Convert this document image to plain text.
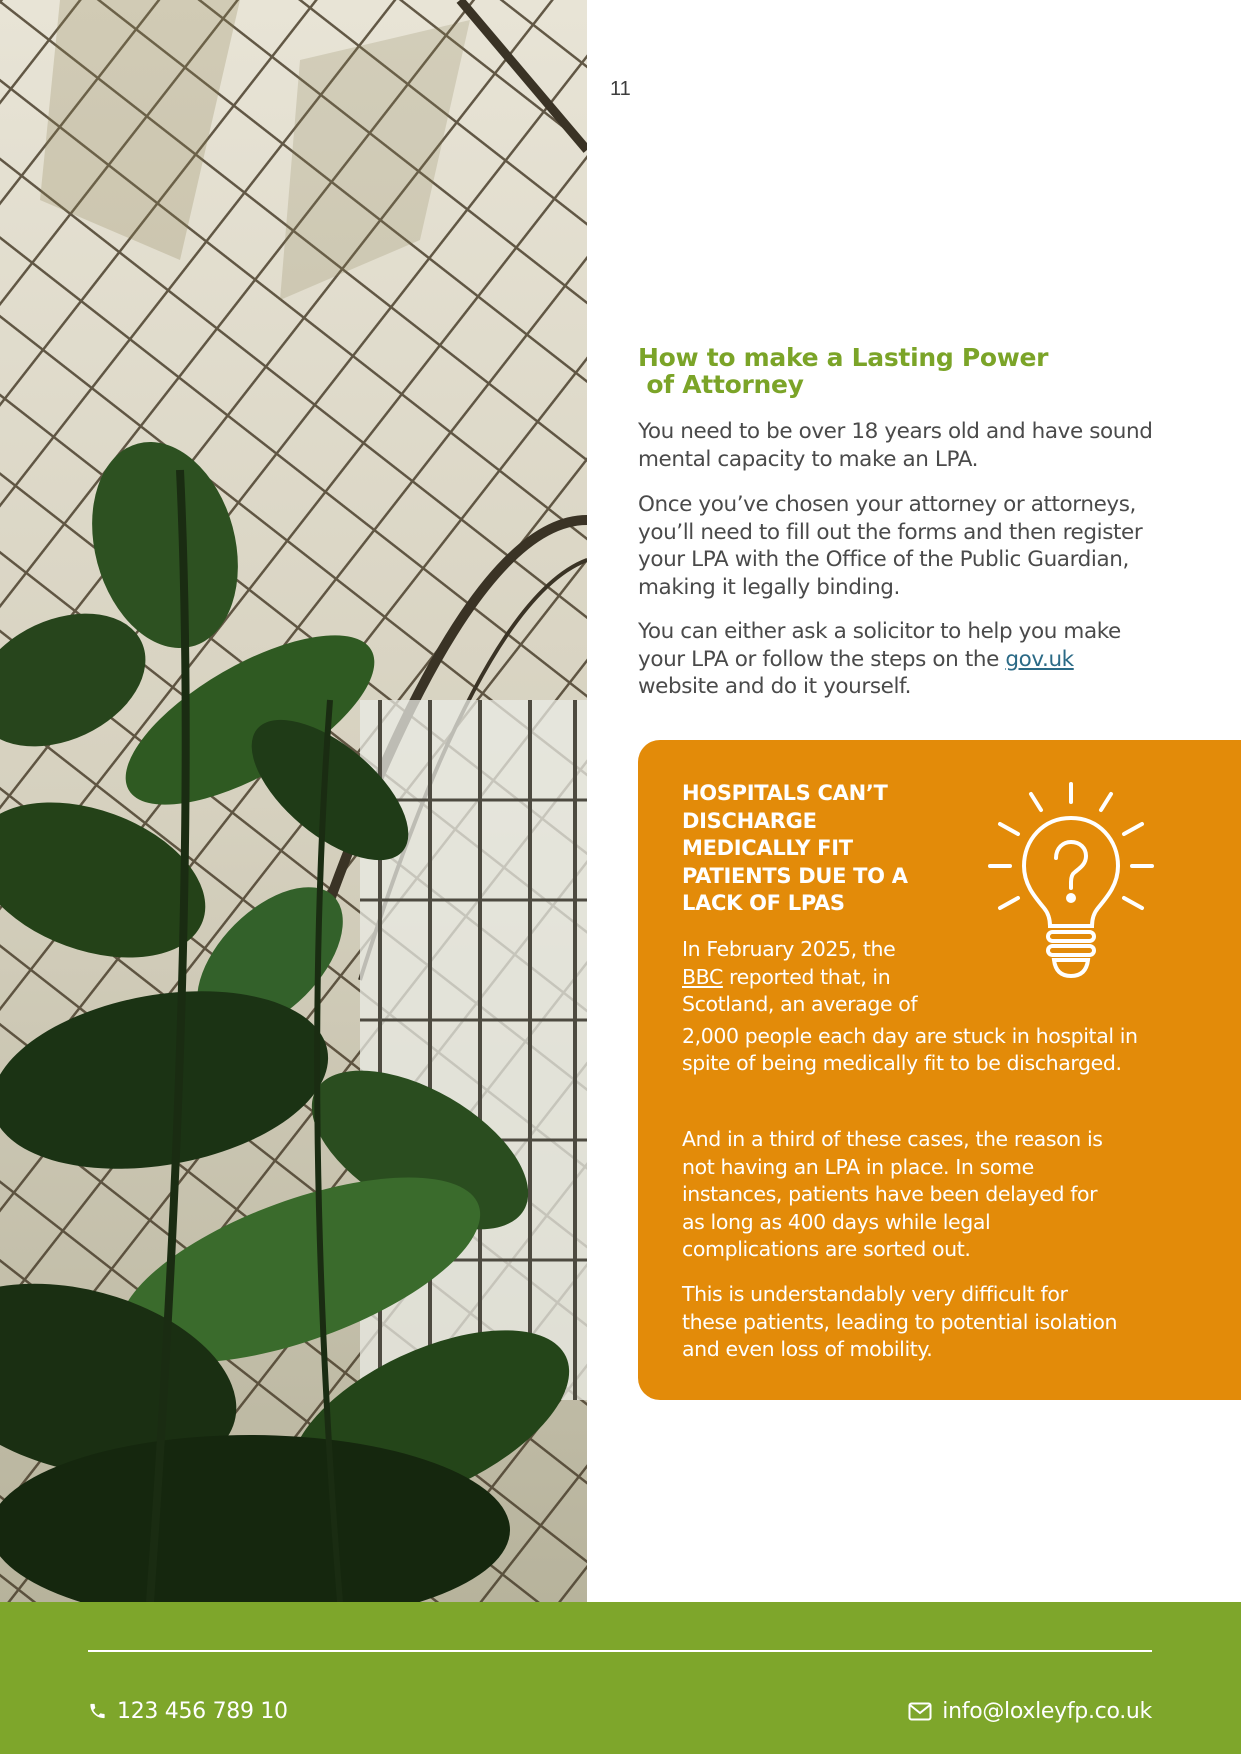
11
How to make a Lasting Power
of Attorney

You need to be over 18 years old and have sound mental capacity to make an LPA.

Once you’ve chosen your attorney or attorneys, you’ll need to fill out the forms and then register your LPA with the Office of the Public Guardian, making it legally binding.

You can either ask a solicitor to help you make your LPA or follow the steps on the gov.uk website and do it yourself.

HOSPITALS CAN’T
DISCHARGE
MEDICALLY FIT
PATIENTS DUE TO A
LACK OF LPAS

In February 2025, the
BBC reported that, in
Scotland, an average of
2,000 people each day are stuck in hospital in spite of being medically fit to be discharged.

And in a third of these cases, the reason is not having an LPA in place. In some instances, patients have been delayed for as long as 400 days while legal complications are sorted out.

This is understandably very difficult for these patients, leading to potential isolation and even loss of mobility.

123 456 789 10	info@loxleyfp.co.uk
